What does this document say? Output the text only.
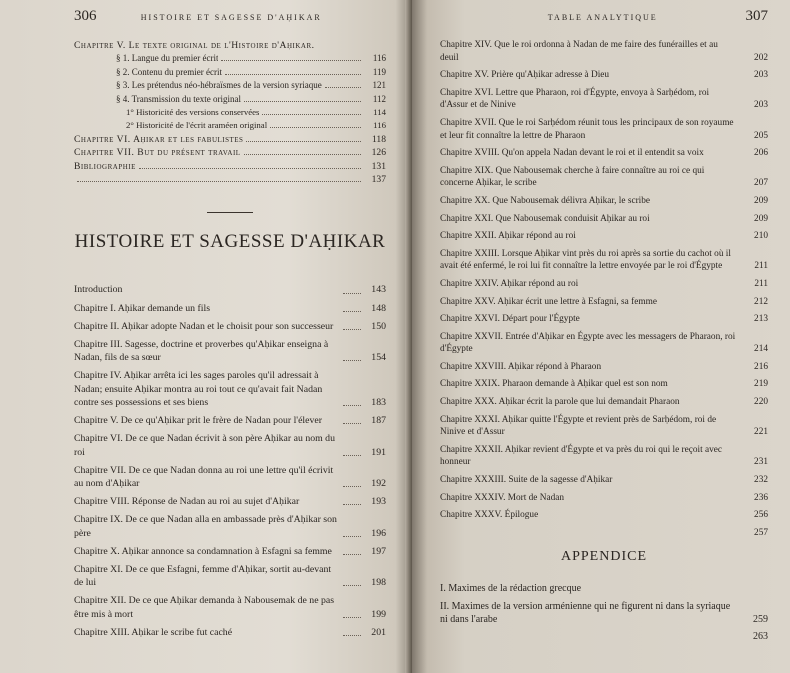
306	HISTOIRE ET SAGESSE D'AḤIKAR
Chapitre V. Le texte original de l'Histoire d'Aḥikar.
§ 1. Langue du premier écrit	116
§ 2. Contenu du premier écrit	119
§ 3. Les prétendus néo-hébraïsmes de la version syriaque	121
§ 4. Transmission du texte original	112
1° Historicité des versions conservées	114
2° Historicité de l'écrit araméen original	116
Chapitre VI. Aḥikar et les fabulistes	118
Chapitre VII. But du présent travail	126
Bibliographie	131
137
HISTOIRE ET SAGESSE D'AḤIKAR
Introduction	143
Chapitre I. Aḥikar demande un fils	148
Chapitre II. Aḥikar adopte Nadan et le choisit pour son successeur	150
Chapitre III. Sagesse, doctrine et proverbes qu'Aḥikar enseigna à Nadan, fils de sa sœur	154
Chapitre IV. Aḥikar arrêta ici les sages paroles qu'il adressait à Nadan; ensuite Aḥikar montra au roi tout ce qu'avait fait Nadan contre ses possessions et ses biens	183
Chapitre V. De ce qu'Aḥikar prit le frère de Nadan pour l'élever	187
Chapitre VI. De ce que Nadan écrivit à son père Aḥikar au nom du roi	191
Chapitre VII. De ce que Nadan donna au roi une lettre qu'il écrivit au nom d'Aḥikar	192
Chapitre VIII. Réponse de Nadan au roi au sujet d'Aḥikar	193
Chapitre IX. De ce que Nadan alla en ambassade près d'Aḥikar son père	196
Chapitre X. Aḥikar annonce sa condamnation à Esfagni sa femme	197
Chapitre XI. De ce que Esfagni, femme d'Aḥikar, sortit au-devant de lui	198
Chapitre XII. De ce que Aḥikar demanda à Nabousemak de ne pas être mis à mort	199
Chapitre XIII. Aḥikar le scribe fut caché	201
TABLE ANALYTIQUE	307
Chapitre XIV. Que le roi ordonna à Nadan de me faire des funérailles et au deuil	202
Chapitre XV. Prière qu'Aḥikar adresse à Dieu	203
Chapitre XVI. Lettre que Pharaon, roi d'Égypte, envoya à Sarḥédom, roi d'Assur et de Ninive	203
Chapitre XVII. Que le roi Sarḥédom réunit tous les principaux de son royaume et leur fit connaître la lettre de Pharaon	205
Chapitre XVIII. Qu'on appela Nadan devant le roi et il entendit sa voix	206
Chapitre XIX. Que Nabousemak cherche à faire connaître au roi ce qui concerne Aḥikar, le scribe	207
Chapitre XX. Que Nabousemak délivra Aḥikar, le scribe	209
Chapitre XXI. Que Nabousemak conduisit Aḥikar au roi	209
Chapitre XXII. Aḥikar répond au roi	210
Chapitre XXIII. Lorsque Aḥikar vint près du roi après sa sortie du cachot où il avait été enfermé, le roi lui fit connaître la lettre envoyée par le roi d'Égypte	211
Chapitre XXIV. Aḥikar répond au roi	211
Chapitre XXV. Aḥikar écrit une lettre à Esfagni, sa femme	212
Chapitre XXVI. Départ pour l'Égypte	213
Chapitre XXVII. Entrée d'Aḥikar en Égypte avec les messagers de Pharaon, roi d'Égypte	214
Chapitre XXVIII. Aḥikar répond à Pharaon	216
Chapitre XXIX. Pharaon demande à Aḥikar quel est son nom	219
Chapitre XXX. Aḥikar écrit la parole que lui demandait Pharaon	220
Chapitre XXXI. Aḥikar quitte l'Égypte et revient près de Sarḥédom, roi de Ninive et d'Assur	221
Chapitre XXXII. Aḥikar revient d'Égypte et va près du roi qui le reçoit avec honneur	231
Chapitre XXXIII. Suite de la sagesse d'Aḥikar	232
Chapitre XXXIV. Mort de Nadan	236
Chapitre XXXV. Épilogue	256
257
APPENDICE
I. Maximes de la rédaction grecque
II. Maximes de la version arménienne qui ne figurent ni dans la syriaque ni dans l'arabe	259
263
